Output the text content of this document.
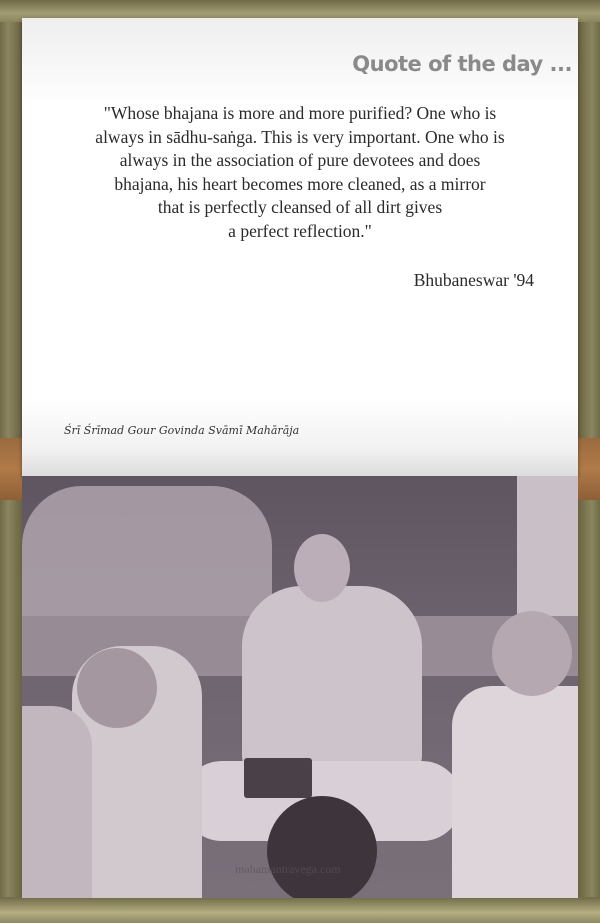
Quote of the day ...
"Whose bhajana is more and more purified? One who is
always in sādhu-saṅga. This is very important. One who is
always in the association of pure devotees and does
bhajana, his heart becomes more cleaned, as a mirror
that is perfectly cleansed of all dirt gives
a perfect reflection."
Bhubaneswar '94
Śrī Śrīmad Gour Govinda Svāmī Mahārāja
mahamantravega.com
